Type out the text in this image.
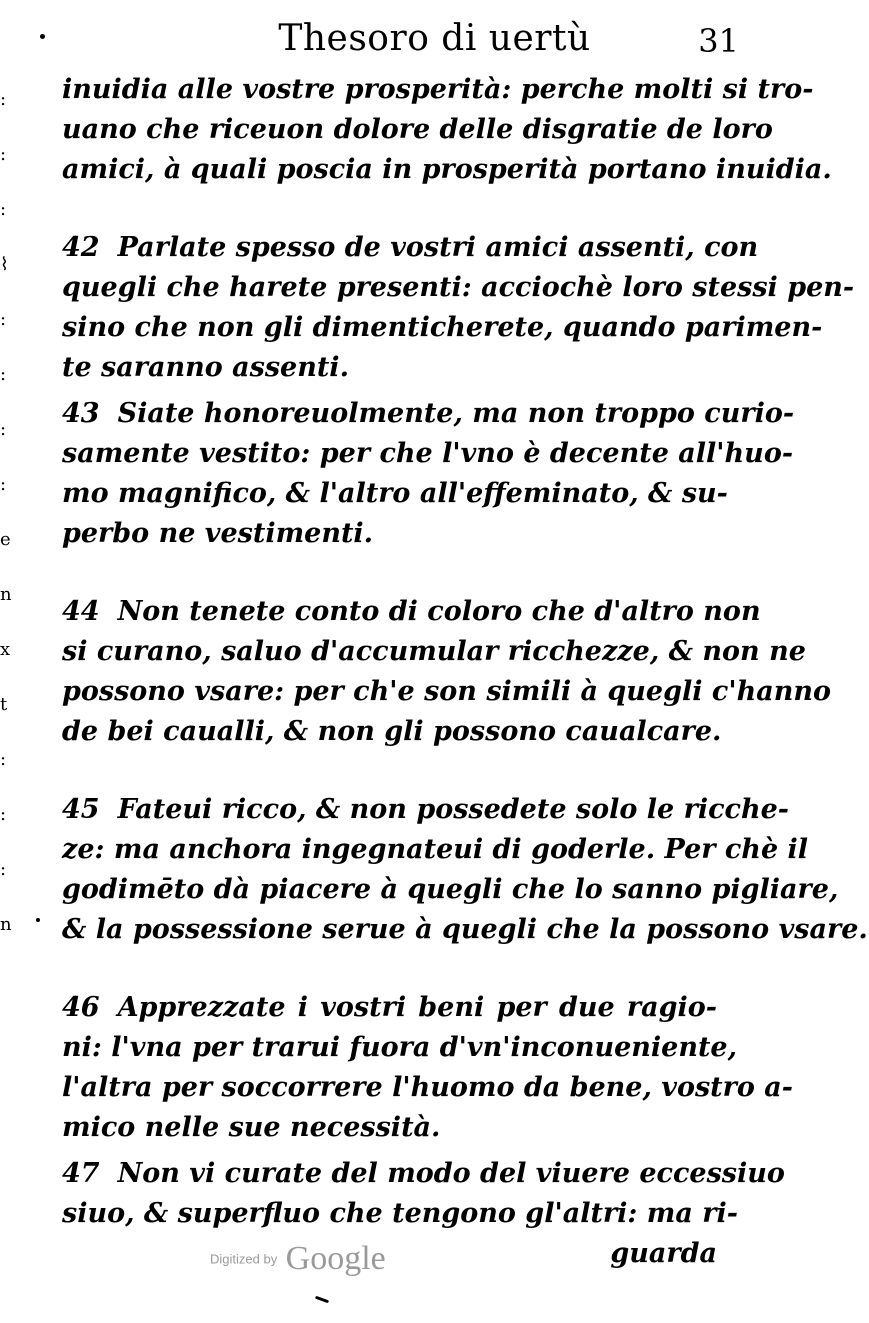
Thesoro di uertù	31
:
:
:
⌇
:
:
:
:
e
n
x
t
:
:
:
n
inuidia alle vostre prosperità: perche molti si tro-
uano che riceuon dolore delle disgratie de loro
amici, à quali poscia in prosperità portano inuidia.
42 Parlate spesso de vostri amici assenti, con
quegli che harete presenti: acciochè loro stessi pen-
sino che non gli dimenticherete, quando parimen-
te saranno assenti.
43 Siate honoreuolmente, ma non troppo curio-
samente vestito: per che l'vno è decente all'huo-
mo magnifico, & l'altro all'effeminato, & su-
perbo ne vestimenti.
44 Non tenete conto di coloro che d'altro non
si curano, saluo d'accumular ricchezze, & non ne
possono vsare: per ch'e son simili à quegli c'hanno
de bei caualli, & non gli possono caualcare.
45 Fateui ricco, & non possedete solo le ricche-
ze: ma anchora ingegnateui di goderle. Per chè il
godimēto dà piacere à quegli che lo sanno pigliare,
& la possessione serue à quegli che la possono vsare.
46 Apprezzate i vostri beni per due ragio-
ni: l'vna per trarui fuora d'vn'inconueniente,
l'altra per soccorrere l'huomo da bene, vostro a-
mico nelle sue necessità.
47 Non vi curate del modo del viuere eccessiuo
siuo, & superfluo che tengono gl'altri: ma ri-
guarda
Digitized by Google
